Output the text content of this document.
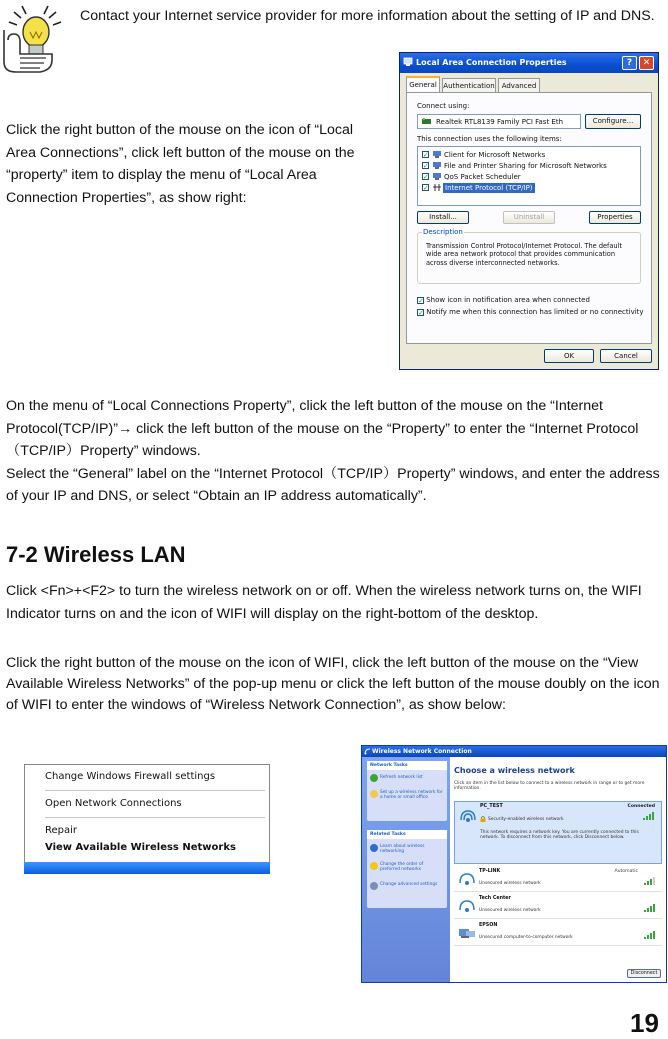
Contact your Internet service provider for more information about the setting of IP and DNS.
Click the right button of the mouse on the icon of “Local Area Connections”, click left button of the mouse on the “property” item to display the menu of “Local Area Connection Properties”, as show right:
Local Area Connection Properties	?	✕
General Authentication	Advanced
Connect using:
Realtek RTL8139 Family PCI Fast Eth	Configure...
This connection uses the following items:
✓ Client for Microsoft Networks
✓ File and Printer Sharing for Microsoft Networks
✓ QoS Packet Scheduler
✓ Internet Protocol (TCP/IP)
Install...	Uninstall	Properties
Description
Transmission Control Protocol/Internet Protocol. The default wide area network protocol that provides communication across diverse interconnected networks.
✓ Show icon in notification area when connected
✓ Notify me when this connection has limited or no connectivity
OK	Cancel

On the menu of “Local Connections Property”, click the left button of the mouse on the “Internet Protocol(TCP/IP)”→ click the left button of the mouse on the “Property” to enter the “Internet Protocol（TCP/IP）Property” windows.

Select the “General” label on the “Internet Protocol（TCP/IP）Property” windows, and enter the address of your IP and DNS, or select “Obtain an IP address automatically”.

7-2 Wireless LAN
Click <Fn>+<F2> to turn the wireless network on or off. When the wireless network turns on, the WIFI Indicator turns on and the icon of WIFI will display on the right-bottom of the desktop.
Click the right button of the mouse on the icon of WIFI, click the left button of the mouse on the “View Available Wireless Networks” of the pop-up menu or click the left button of the mouse doubly on the icon of WIFI to enter the windows of “Wireless Network Connection”, as show below:
Change Windows Firewall settings
Open Network Connections
Repair
View Available Wireless Networks
Wireless Network Connection
Network Tasks
Refresh network list
Set up a wireless network for a home or small office
Related Tasks
Learn about wireless networking
Change the order of preferred networks
Change advanced settings
Choose a wireless network
Click an item in the list below to connect to a wireless network in range or to get more information.
PC_TEST	Connected
Security-enabled wireless network
This network requires a network key. You are currently connected to this network. To disconnect from this network, click Disconnect below.
TP-LINK	Automatic
Unsecured wireless network
Tech Center
Unsecured wireless network
EPSON
Unsecured computer-to-computer network
Disconnect
19
